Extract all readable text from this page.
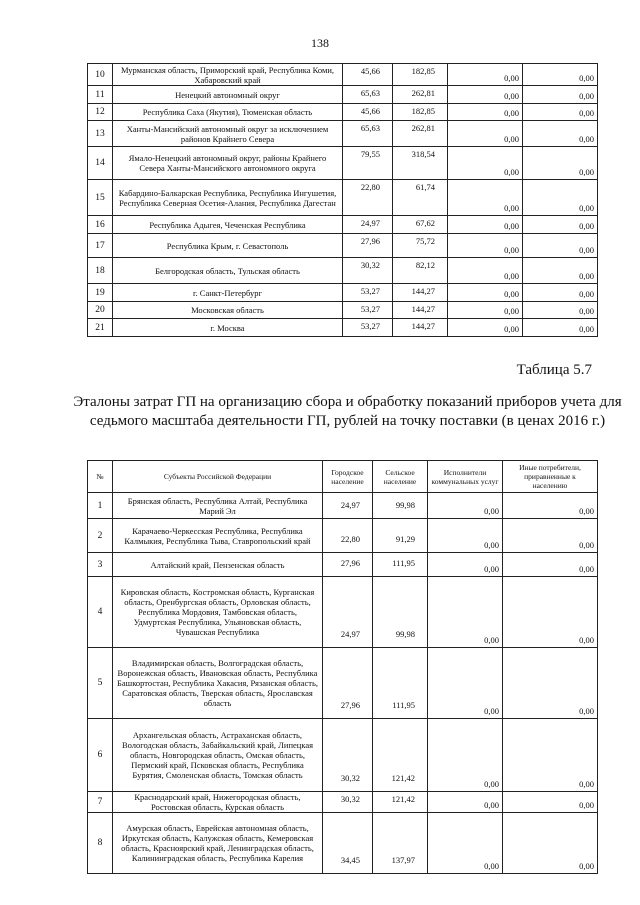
138
10	Мурманская область, Приморский край, Республика Коми, Хабаровский край	45,66	182,85	0,00	0,00
11	Ненецкий автономный округ	65,63	262,81	0,00	0,00
12	Республика Саха (Якутия), Тюменская область	45,66	182,85	0,00	0,00
13	Ханты-Мансийский автономный округ за исключением районов Крайнего Севера	65,63	262,81	0,00	0,00
14	Ямало-Ненецкий автономный округ, районы Крайнего Севера Ханты-Мансийского автономного округа	79,55	318,54	0,00	0,00
15	Кабардино-Балкарская Республика, Республика Ингушетия, Республика Северная Осетия-Алания, Республика Дагестан	22,80	61,74	0,00	0,00
16	Республика Адыгея, Чеченская Республика	24,97	67,62	0,00	0,00
17	Республика Крым, г. Севастополь	27,96	75,72	0,00	0,00
18	Белгородская область, Тульская область	30,32	82,12	0,00	0,00
19	г. Санкт-Петербург	53,27	144,27	0,00	0,00
20	Московская область	53,27	144,27	0,00	0,00
21	г. Москва	53,27	144,27	0,00	0,00
Таблица 5.7
Эталоны затрат ГП на организацию сбора и обработку показаний приборов учета для седьмого масштаба деятельности ГП, рублей на точку поставки (в ценах 2016 г.)
№	Субъекты Российской Федерации	Городское население	Сельское население	Исполнители коммунальных услуг	Иные потребители, приравненные к населению
1	Брянская область, Республика Алтай, Республика Марий Эл	24,97	99,98	0,00	0,00
2	Карачаево-Черкесская Республика, Республика Калмыкия, Республика Тыва, Ставропольский край	22,80	91,29	0,00	0,00
3	Алтайский край, Пензенская область	27,96	111,95	0,00	0,00
4	Кировская область, Костромская область, Курганская область, Оренбургская область, Орловская область, Республика Мордовия, Тамбовская область, Удмуртская Республика, Ульяновская область, Чувашская Республика	24,97	99,98	0,00	0,00
5	Владимирская область, Волгоградская область, Воронежская область, Ивановская область, Республика Башкортостан, Республика Хакасия, Рязанская область, Саратовская область, Тверская область, Ярославская область	27,96	111,95	0,00	0,00
6	Архангельская область, Астраханская область, Вологодская область, Забайкальский край, Липецкая область, Новгородская область, Омская область, Пермский край, Псковская область, Республика Бурятия, Смоленская область, Томская область	30,32	121,42	0,00	0,00
7	Краснодарский край, Нижегородская область, Ростовская область, Курская область	30,32	121,42	0,00	0,00
8	Амурская область, Еврейская автономная область, Иркутская область, Калужская область, Кемеровская область, Красноярский край, Ленинградская область, Калининградская область, Республика Карелия	34,45	137,97	0,00	0,00
